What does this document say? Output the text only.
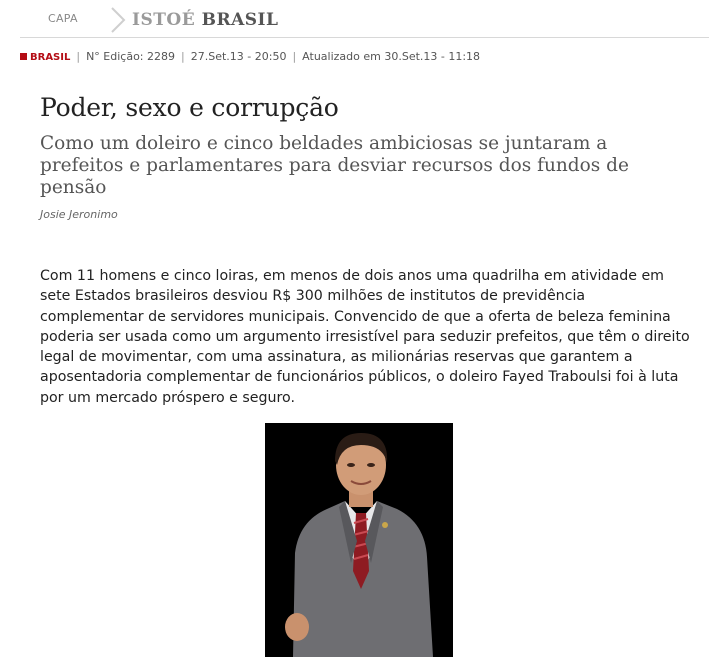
CAPA	ISTOÉ BRASIL
BRASIL | N° Edição: 2289 | 27.Set.13 - 20:50 | Atualizado em 30.Set.13 - 11:18
Poder, sexo e corrupção

Como um doleiro e cinco beldades ambiciosas se juntaram a prefeitos e parlamentares para desviar recursos dos fundos de pensão

Josie Jeronimo

Com 11 homens e cinco loiras, em menos de dois anos uma quadrilha em atividade em sete Estados brasileiros desviou R$ 300 milhões de institutos de previdência complementar de servidores municipais. Convencido de que a oferta de beleza feminina poderia ser usada como um argumento irresistível para seduzir prefeitos, que têm o direito legal de movimentar, com uma assinatura, as milionárias reservas que garantem a aposentadoria complementar de funcionários públicos, o doleiro Fayed Traboulsi foi à luta por um mercado próspero e seguro.
